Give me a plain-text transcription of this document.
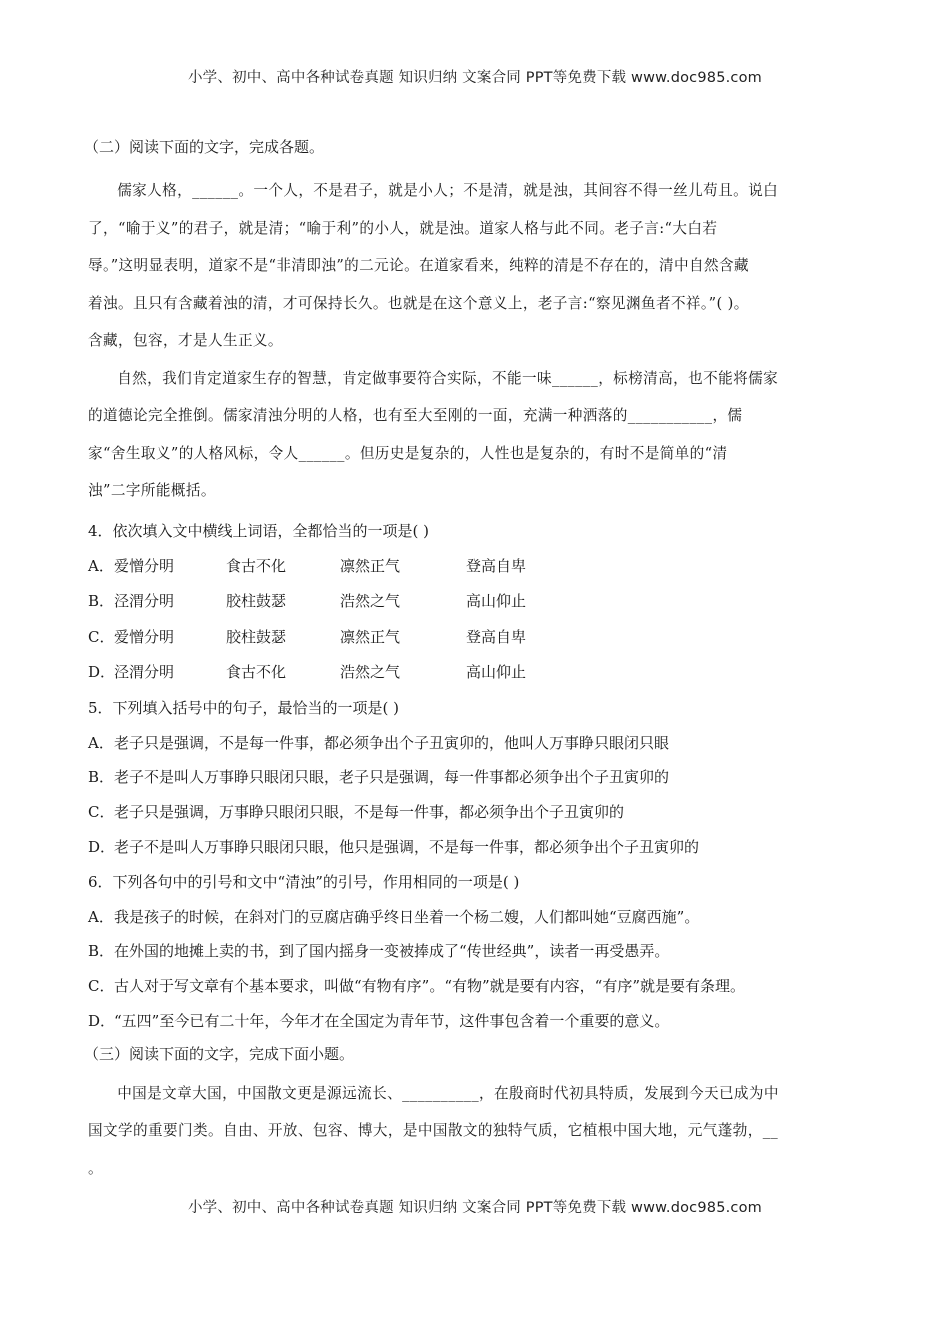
小学、初中、高中各种试卷真题 知识归纳 文案合同 PPT等免费下载 www.doc985.com
（二）阅读下面的文字，完成各题。

儒家人格，______。一个人，不是君子，就是小人；不是清，就是浊，其间容不得一丝儿苟且。说白

了，“喻于义”的君子，就是清；“喻于利”的小人，就是浊。道家人格与此不同。老子言:“大白若

辱。”这明显表明，道家不是“非清即浊”的二元论。在道家看来，纯粹的清是不存在的，清中自然含藏

着浊。且只有含藏着浊的清，才可保持长久。也就是在这个意义上，老子言:“察见渊鱼者不祥。”( )。

含藏，包容，才是人生正义。

自然，我们肯定道家生存的智慧，肯定做事要符合实际，不能一味______，标榜清高，也不能将儒家

的道德论完全推倒。儒家清浊分明的人格，也有至大至刚的一面，充满一种洒落的___________，儒

家“舍生取义”的人格风标，令人______。但历史是复杂的，人性也是复杂的，有时不是简单的“清

浊”二字所能概括。

4．依次填入文中横线上词语，全都恰当的一项是( )
A．爱憎分明	食古不化	凛然正气	登高自卑
B．泾渭分明	胶柱鼓瑟	浩然之气	高山仰止
C．爱憎分明	胶柱鼓瑟	凛然正气	登高自卑
D．泾渭分明	食古不化	浩然之气	高山仰止
5．下列填入括号中的句子，最恰当的一项是( )
A．老子只是强调，不是每一件事，都必须争出个子丑寅卯的，他叫人万事睁只眼闭只眼
B．老子不是叫人万事睁只眼闭只眼，老子只是强调，每一件事都必须争出个子丑寅卯的
C．老子只是强调，万事睁只眼闭只眼，不是每一件事，都必须争出个子丑寅卯的
D．老子不是叫人万事睁只眼闭只眼，他只是强调，不是每一件事，都必须争出个子丑寅卯的
6．下列各句中的引号和文中“清浊”的引号，作用相同的一项是( )
A．我是孩子的时候，在斜对门的豆腐店确乎终日坐着一个杨二嫂，人们都叫她“豆腐西施”。
B．在外国的地摊上卖的书，到了国内摇身一变被捧成了“传世经典”，读者一再受愚弄。
C．古人对于写文章有个基本要求，叫做“有物有序”。“有物”就是要有内容，“有序”就是要有条理。
D．“五四”至今已有二十年，今年才在全国定为青年节，这件事包含着一个重要的意义。
（三）阅读下面的文字，完成下面小题。

中国是文章大国，中国散文更是源远流长、__________，在殷商时代初具特质，发展到今天已成为中

国文学的重要门类。自由、开放、包容、博大，是中国散文的独特气质，它植根中国大地，元气蓬勃，__

。

小学、初中、高中各种试卷真题 知识归纳 文案合同 PPT等免费下载 www.doc985.com
